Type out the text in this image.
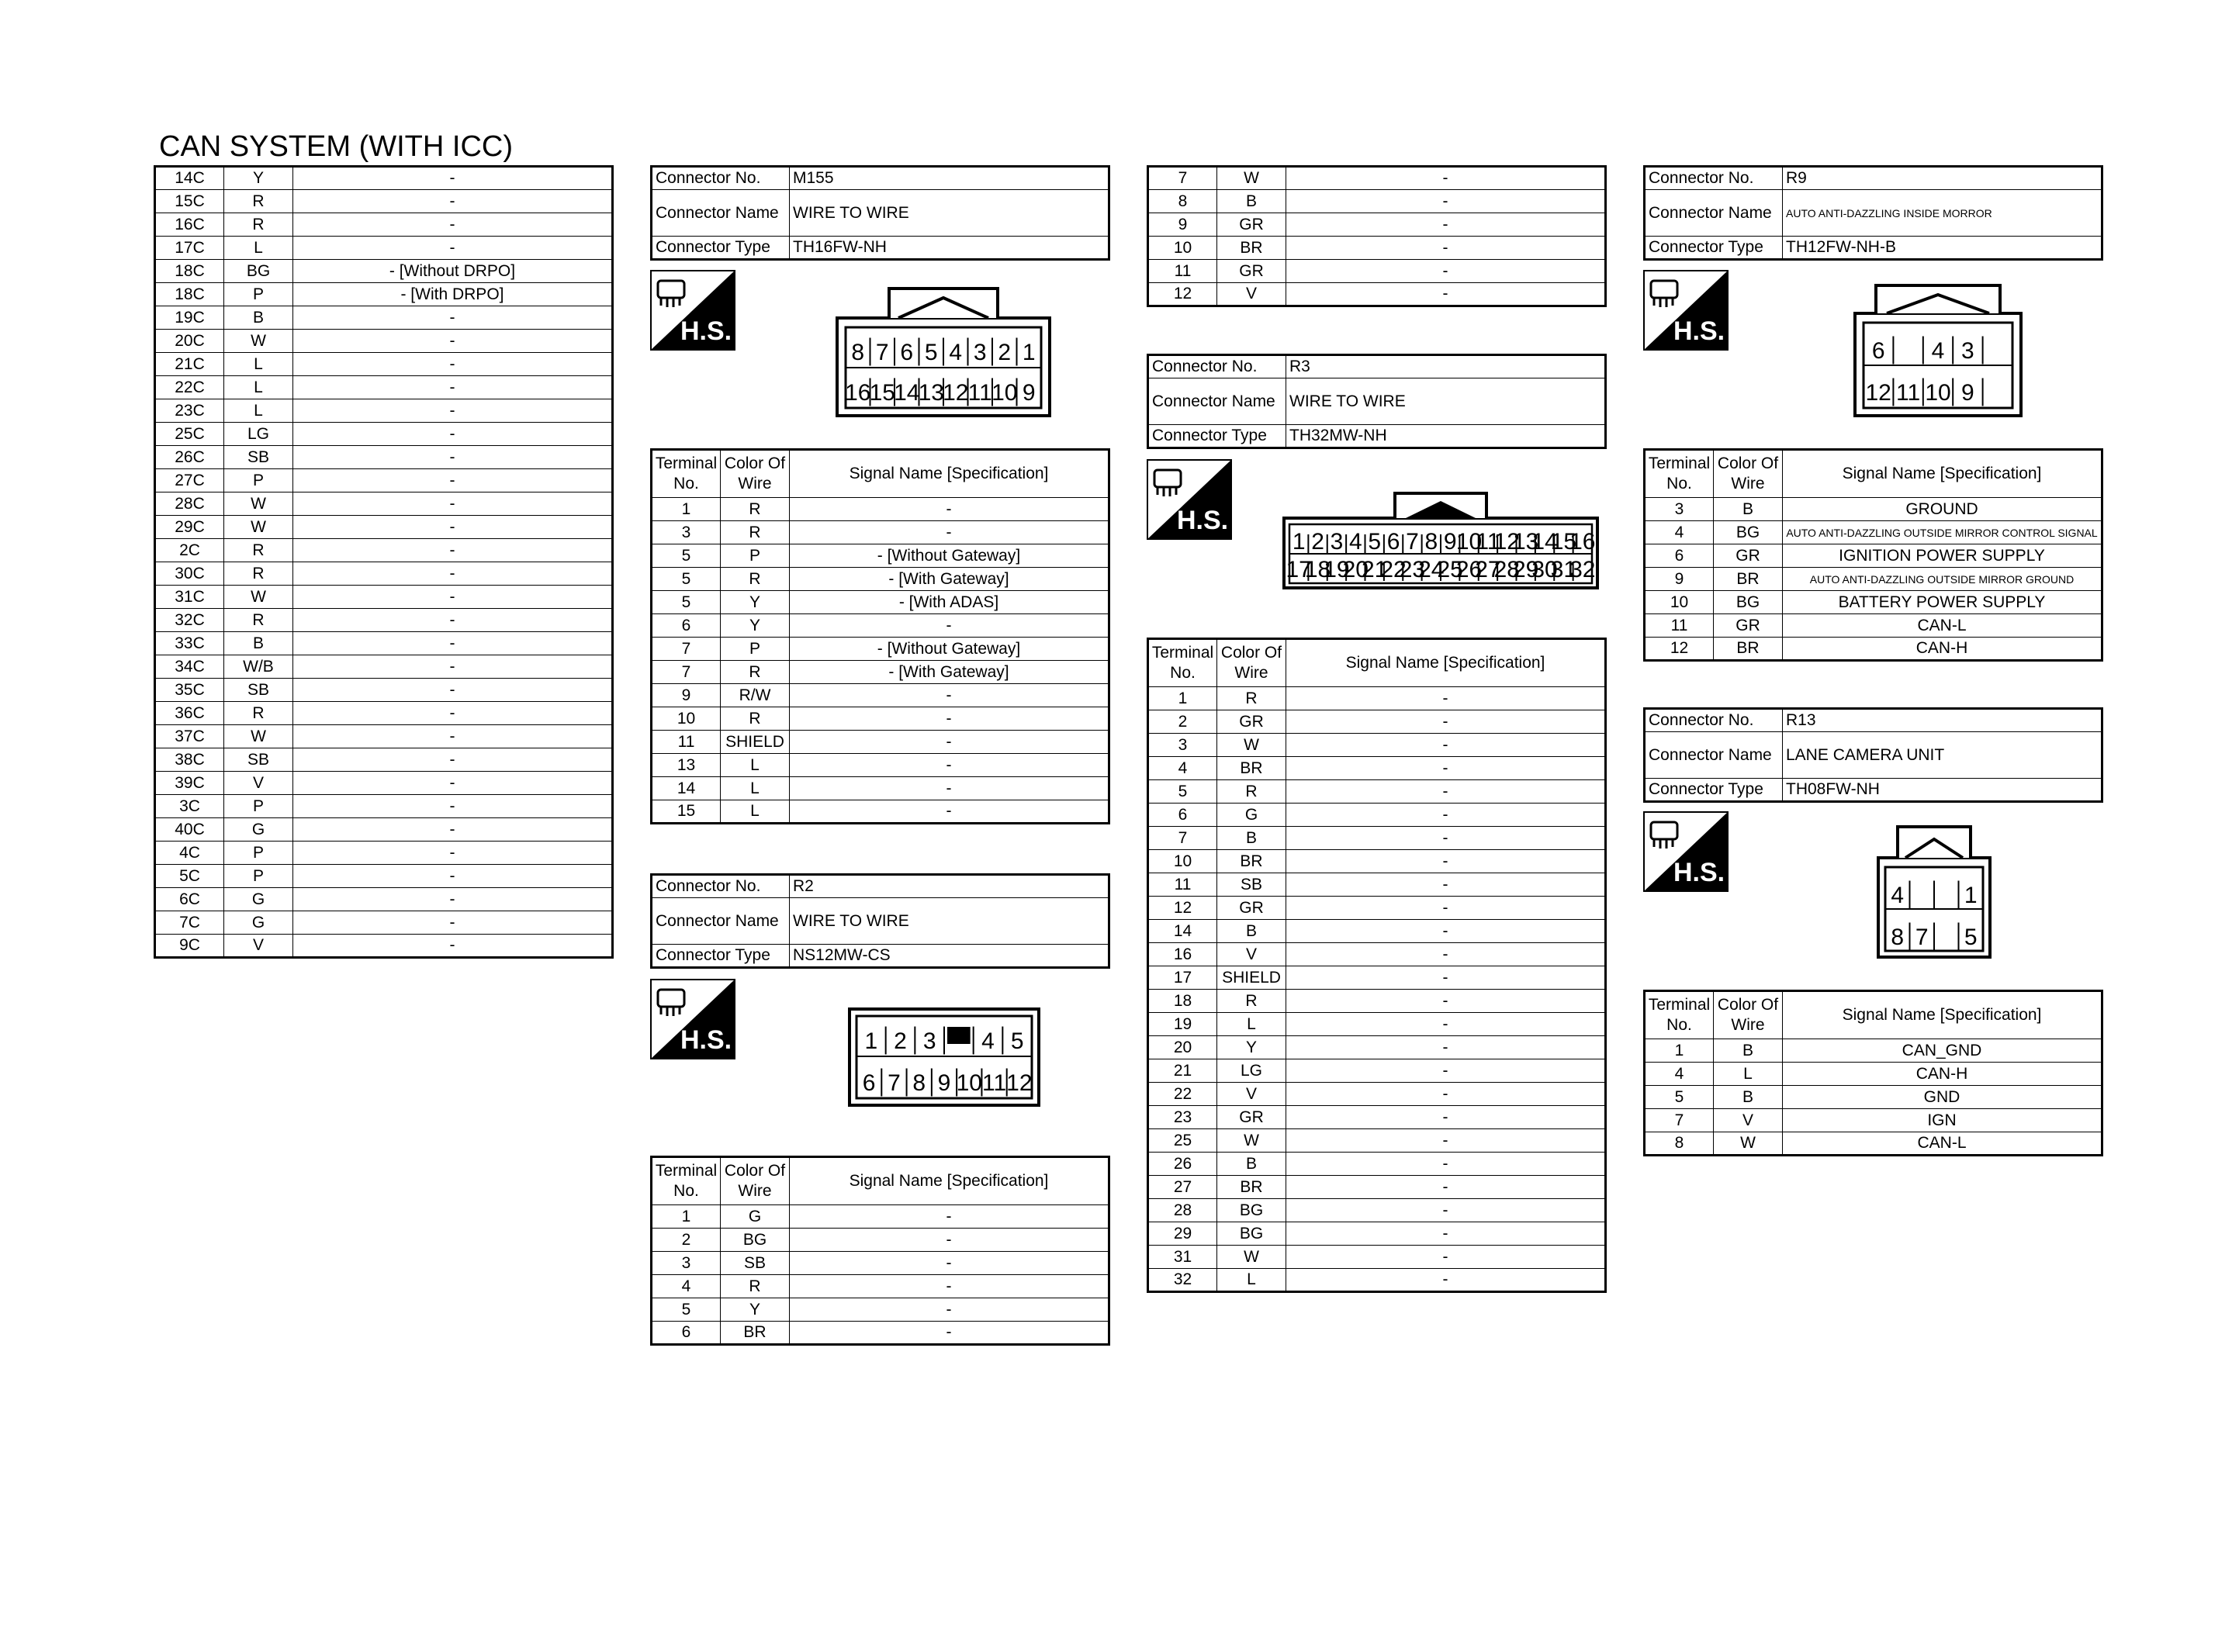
CAN SYSTEM (WITH ICC)
14C	Y	-
15C	R	-
16C	R	-
17C	L	-
18C	BG	- [Without DRPO]
18C	P	- [With DRPO]
19C	B	-
20C	W	-
21C	L	-
22C	L	-
23C	L	-
25C	LG	-
26C	SB	-
27C	P	-
28C	W	-
29C	W	-
2C	R	-
30C	R	-
31C	W	-
32C	R	-
33C	B	-
34C	W/B	-
35C	SB	-
36C	R	-
37C	W	-
38C	SB	-
39C	V	-
3C	P	-
40C	G	-
4C	P	-
5C	P	-
6C	G	-
7C	G	-
9C	V	-
Connector No.	M155
Connector Name	WIRE TO WIRE
Connector Type	TH16FW-NH
H.S.
8 7 6 5 4 3 2 1
16
15
14
13
12 11 10 9
Terminal No.	Color Of Wire	Signal Name [Specification]
1	R	-
3	R	-
5	P	- [Without Gateway]
5	R	- [With Gateway]
5	Y	- [With ADAS]
6	Y	-
7	P	- [Without Gateway]
7	R	- [With Gateway]
9	R/W	-
10	R	-
11	SHIELD	-
13	L	-
14	L	-
15	L	-
Connector No.	R2
Connector Name	WIRE TO WIRE
Connector Type	NS12MW-CS
H.S.	1 2 3 4 5
6 7 8 9 10 11 12
Terminal No.	Color Of Wire	Signal Name [Specification]
1	G	-
2	BG	-
3	SB	-
4	R	-
5	Y	-
6	BR	-
7	W	-
8	B	-
9	GR	-
10	BR	-
11	GR	-
12	V	-
Connector No.	R3
Connector Name	WIRE TO WIRE
Connector Type	TH32MW-NH
H.S.
1 2 3 4 5 6 7 8 9 10
11
12
13
14
15
16
17
18
19
20
21
22
23
24
25
26
27
28
29
30
31
32
Terminal No.	Color Of Wire	Signal Name [Specification]
1	R	-
2	GR	-
3	W	-
4	BR	-
5	R	-
6	G	-
7	B	-
10	BR	-
11	SB	-
12	GR	-
14	B	-
16	V	-
17	SHIELD	-
18	R	-
19	L	-
20	Y	-
21	LG	-
22	V	-
23	GR	-
25	W	-
26	B	-
27	BR	-
28	BG	-
29	BG	-
31	W	-
32	L	-
Connector No.	R9
Connector Name	AUTO ANTI-DAZZLING INSIDE MORROR
Connector Type	TH12FW-NH-B
H.S.
6 4 3
12 11 10 9
Terminal No.	Color Of Wire	Signal Name [Specification]
3	B	GROUND
4	BG	AUTO ANTI-DAZZLING OUTSIDE MIRROR CONTROL SIGNAL
6	GR	IGNITION POWER SUPPLY
9	BR	AUTO ANTI-DAZZLING OUTSIDE MIRROR GROUND
10	BG	BATTERY POWER SUPPLY
11	GR	CAN-L
12	BR	CAN-H
Connector No.	R13
Connector Name	LANE CAMERA UNIT
Connector Type	TH08FW-NH
H.S.
4	1
8 7 5
Terminal No.	Color Of Wire	Signal Name [Specification]
1	B	CAN_GND
4	L	CAN-H
5	B	GND
7	V	IGN
8	W	CAN-L
